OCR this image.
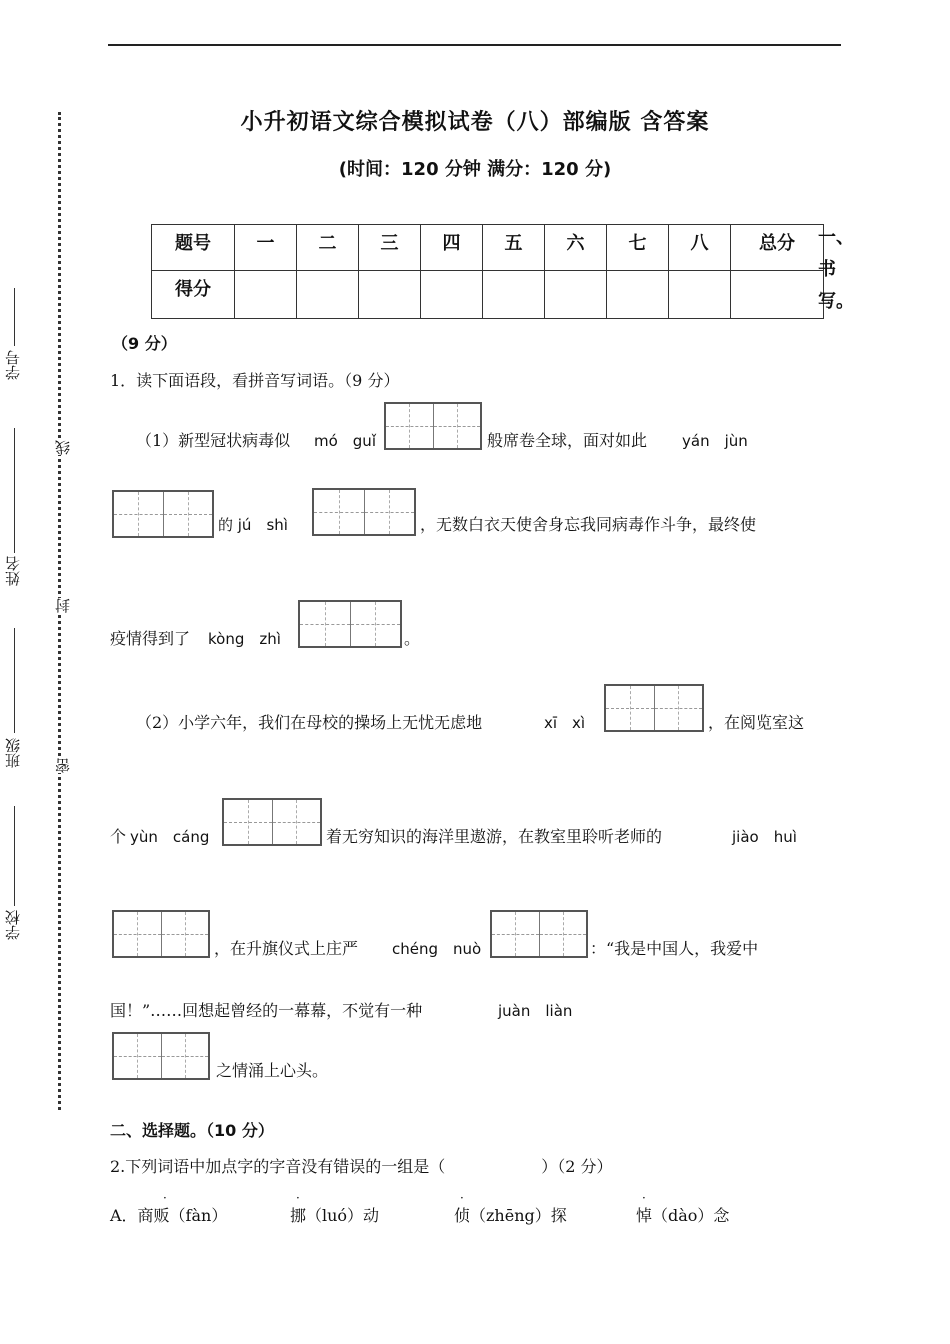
学号
姓名
班级
学校
线
封
密
小升初语文综合模拟试卷（八）部编版 含答案
(时间：120 分钟 满分：120 分)
题号	一	二	三	四	五	六	七	八	总分
得分									
一、
书
写。
（9 分）
1．读下面语段，看拼音写词语。（9 分）
（1）新型冠状病毒似 mó　guǐ	般席卷全球，面对如此 yán　jùn
的 jú　shì	，无数白衣天使舍身忘我同病毒作斗争，最终使
疫情得到了 kòng　zhì	。
（2）小学六年，我们在母校的操场上无忧无虑地	xī　xì	，在阅览室这
个 yùn　cáng	着无穷知识的海洋里遨游，在教室里聆听老师的	jiào　huì
，在升旗仪式上庄严 chéng　nuò	：“我是中国人，我爱中
国！”……回想起曾经的一幕幕，不觉有一种	juàn　liàn
之情涌上心头。
二、选择题。（10 分）
2.下列词语中加点字的字音没有错误的一组是（　　　　　　）（2 分）
·
A．商贩（fàn）
·
挪（luó）动
·
侦（zhēng）探
·
悼（dào）念
